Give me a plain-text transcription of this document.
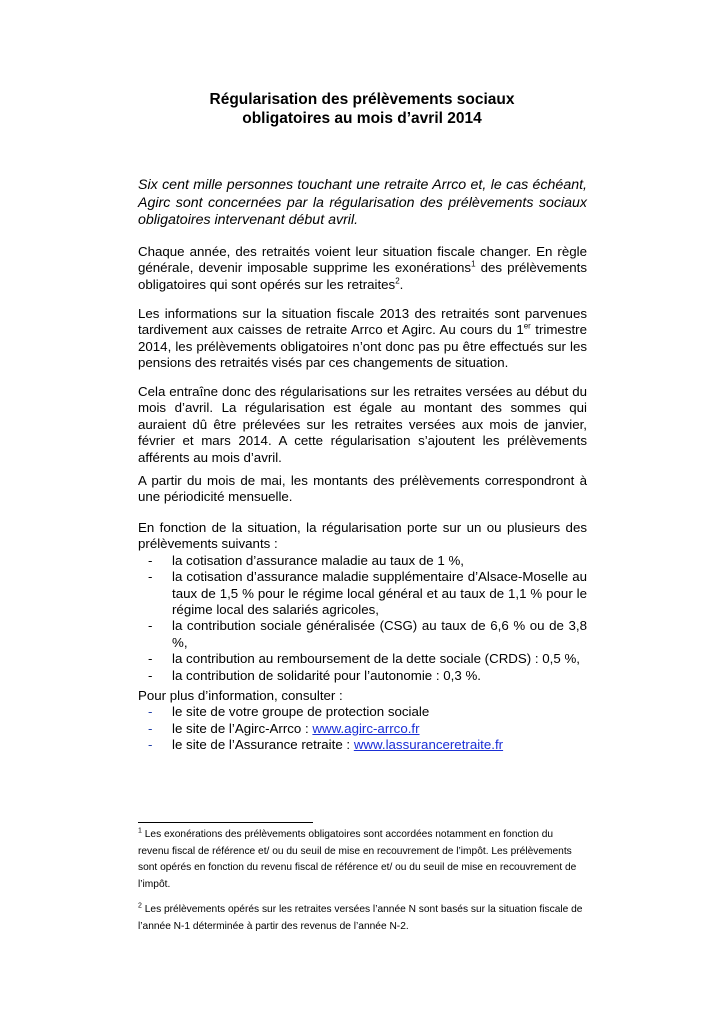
Régularisation des prélèvements sociaux
obligatoires au mois d’avril 2014

Six cent mille personnes touchant une retraite Arrco et, le cas échéant, Agirc sont concernées par la régularisation des prélèvements sociaux obligatoires intervenant début avril.

Chaque année, des retraités voient leur situation fiscale changer. En règle générale, devenir imposable supprime les exonérations$^1$ des prélèvements obligatoires qui sont opérés sur les retraites$^2$.

Les informations sur la situation fiscale 2013 des retraités sont parvenues tardivement aux caisses de retraite Arrco et Agirc. Au cours du 1er trimestre 2014, les prélèvements obligatoires n’ont donc pas pu être effectués sur les pensions des retraités visés par ces changements de situation.

Cela entraîne donc des régularisations sur les retraites versées au début du mois d’avril. La régularisation est égale au montant des sommes qui auraient dû être prélevées sur les retraites versées aux mois de janvier, février et mars 2014. A cette régularisation s’ajoutent les prélèvements afférents au mois d’avril.

A partir du mois de mai, les montants des prélèvements correspondront à une périodicité mensuelle.

En fonction de la situation, la régularisation porte sur un ou plusieurs des prélèvements suivants :

- la cotisation d’assurance maladie au taux de 1 %,
- la cotisation d’assurance maladie supplémentaire d’Alsace-Moselle au taux de 1,5 % pour le régime local général et au taux de 1,1 % pour le régime local des salariés agricoles,
- la contribution sociale généralisée (CSG) au taux de 6,6 % ou de 3,8 %,
- la contribution au remboursement de la dette sociale (CRDS) : 0,5 %,
- la contribution de solidarité pour l’autonomie : 0,3 %.

Pour plus d’information, consulter :

- le site de votre groupe de protection sociale
- le site de l’Agirc-Arrco : www.agirc-arrco.fr
- le site de l’Assurance retraite : www.lassuranceretraite.fr
$^1$ Les exonérations des prélèvements obligatoires sont accordées notamment en fonction du revenu fiscal de référence et/ ou du seuil de mise en recouvrement de l’impôt. Les prélèvements sont opérés en fonction du revenu fiscal de référence et/ ou du seuil de mise en recouvrement de l’impôt.
$^2$ Les prélèvements opérés sur les retraites versées l’année N sont basés sur la situation fiscale de l’année N-1 déterminée à partir des revenus de l’année N-2.
